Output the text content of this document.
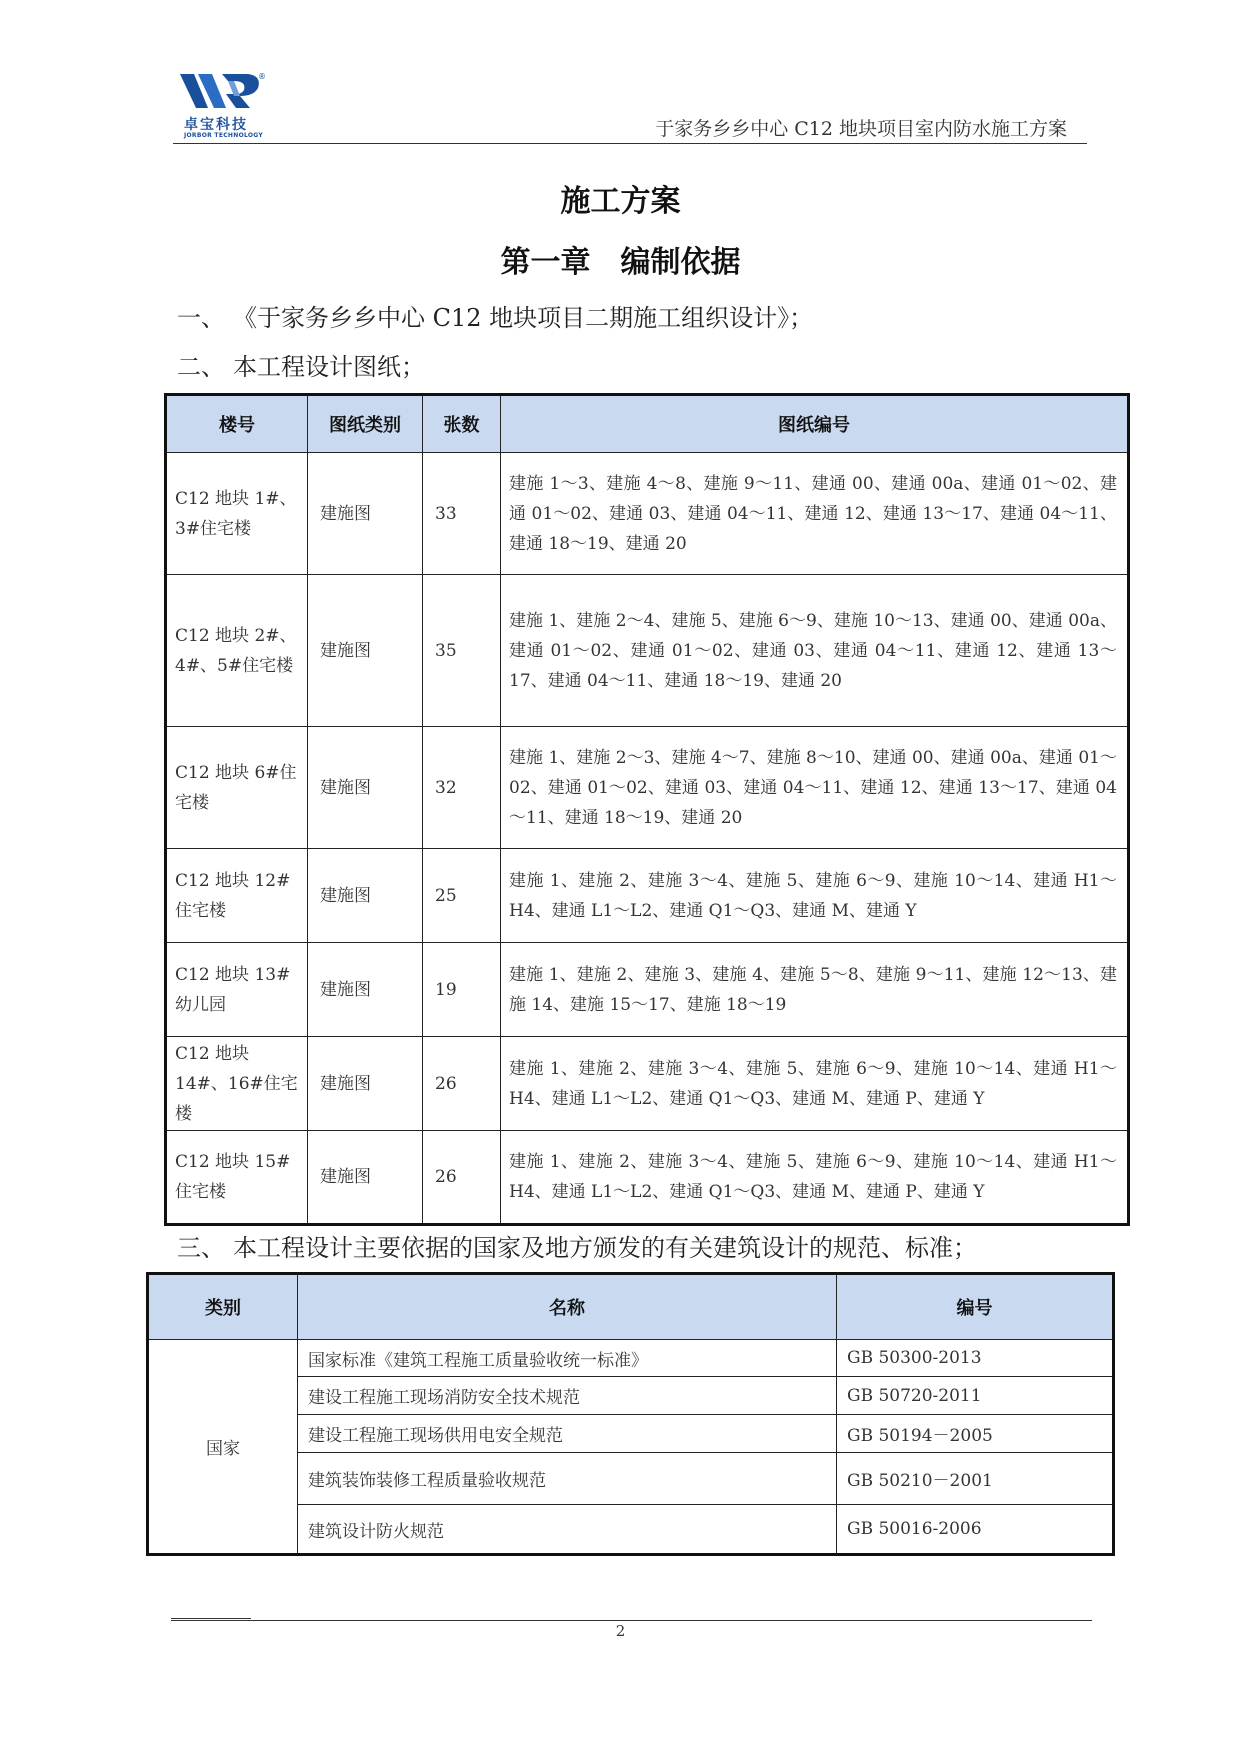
®
卓宝科技
JORBOR TECHNOLOGY	于家务乡乡中心 C12 地块项目室内防水施工方案
施工方案
第一章　编制依据
一、 《于家务乡乡中心 C12 地块项目二期施工组织设计》；
二、 本工程设计图纸；
楼号	图纸类别	张数	图纸编号
C12 地块 1#、3#住宅楼	建施图	33	建施 1～3、建施 4～8、建施 9～11、建通 00、建通 00a、建通 01～02、建通 01～02、建通 03、建通 04～11、建通 12、建通 13～17、建通 04～11、建通 18～19、建通 20
C12 地块 2#、4#、5#住宅楼	建施图	35	建施 1、建施 2～4、建施 5、建施 6～9、建施 10～13、建通 00、建通 00a、建通 01～02、建通 01～02、建通 03、建通 04～11、建通 12、建通 13～17、建通 04～11、建通 18～19、建通 20
C12 地块 6#住宅楼	建施图	32	建施 1、建施 2～3、建施 4～7、建施 8～10、建通 00、建通 00a、建通 01～02、建通 01～02、建通 03、建通 04～11、建通 12、建通 13～17、建通 04～11、建通 18～19、建通 20
C12 地块 12#住宅楼	建施图	25	建施 1、建施 2、建施 3～4、建施 5、建施 6～9、建施 10～14、建通 H1～H4、建通 L1～L2、建通 Q1～Q3、建通 M、建通 Y
C12 地块 13#幼儿园	建施图	19	建施 1、建施 2、建施 3、建施 4、建施 5～8、建施 9～11、建施 12～13、建施 14、建施 15～17、建施 18～19
C12 地块 14#、16#住宅楼	建施图	26	建施 1、建施 2、建施 3～4、建施 5、建施 6～9、建施 10～14、建通 H1～H4、建通 L1～L2、建通 Q1～Q3、建通 M、建通 P、建通 Y
C12 地块 15#住宅楼	建施图	26	建施 1、建施 2、建施 3～4、建施 5、建施 6～9、建施 10～14、建通 H1～H4、建通 L1～L2、建通 Q1～Q3、建通 M、建通 P、建通 Y
三、 本工程设计主要依据的国家及地方颁发的有关建筑设计的规范、标准；
类别	名称	编号
国家	国家标准《建筑工程施工质量验收统一标准》	GB 50300-2013
	建设工程施工现场消防安全技术规范	GB 50720-2011
	建设工程施工现场供用电安全规范	GB 50194－2005
	建筑装饰装修工程质量验收规范	GB 50210－2001
	建筑设计防火规范	GB 50016-2006
2
